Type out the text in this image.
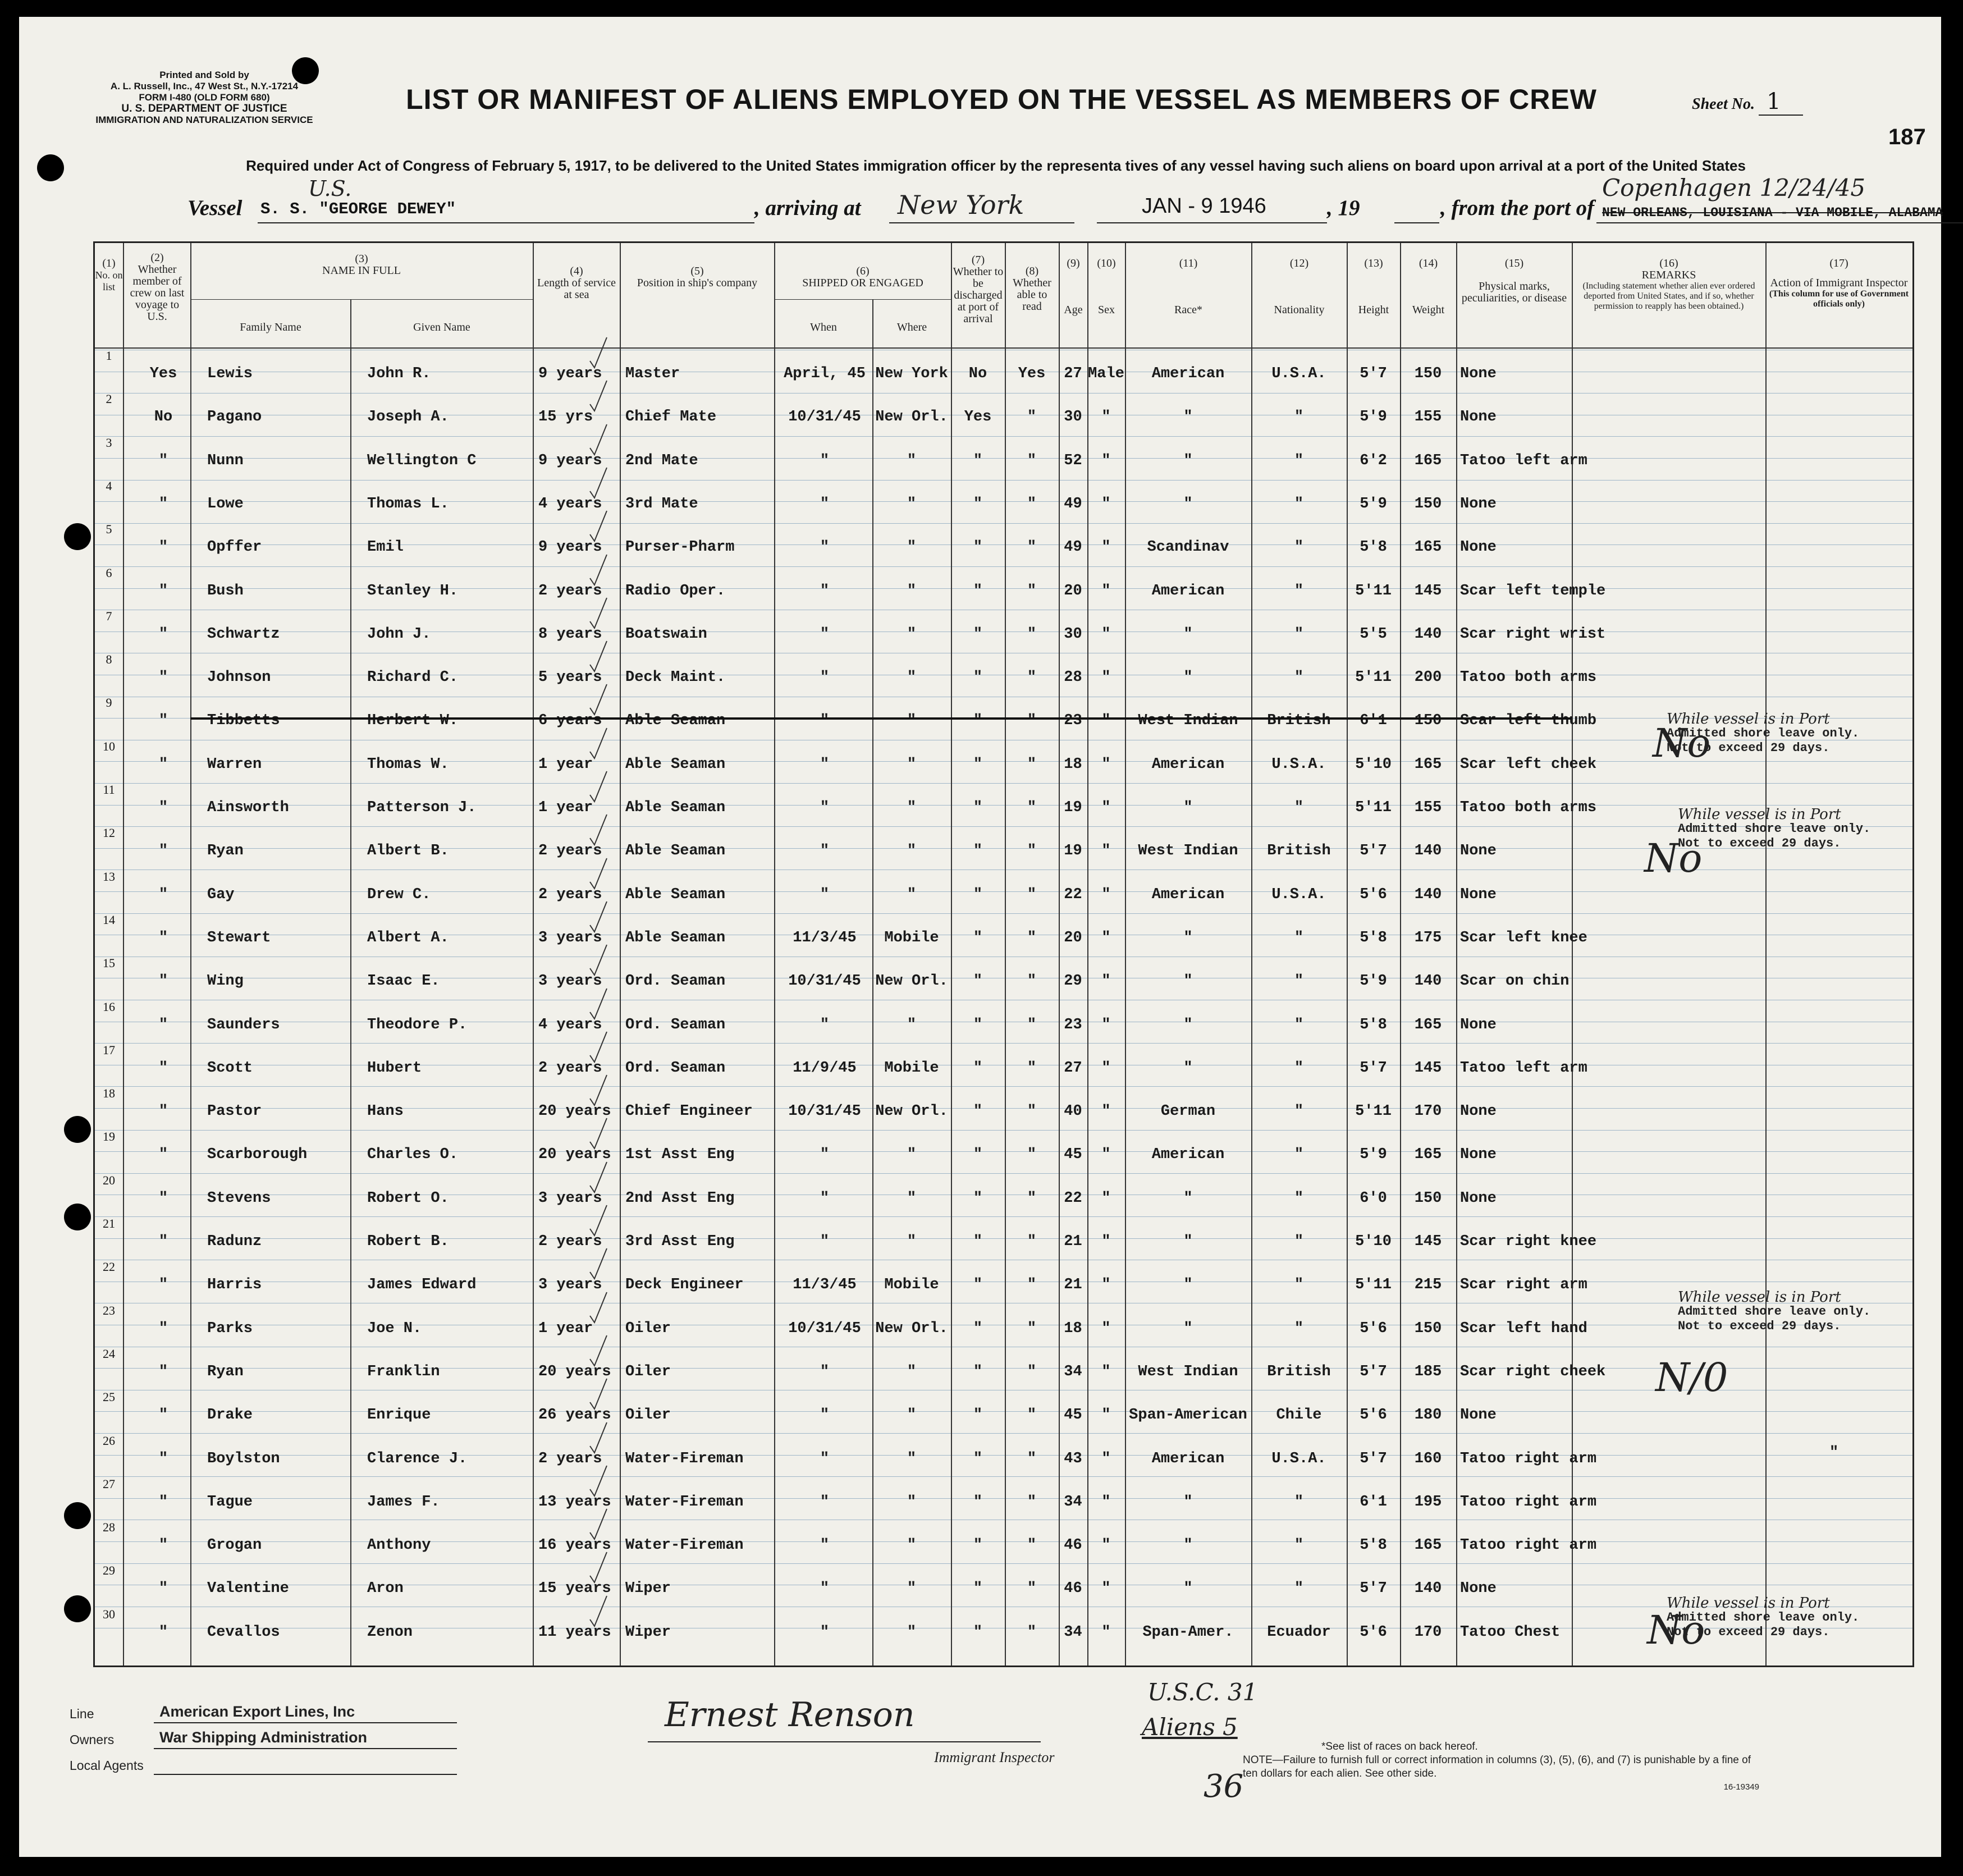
Printed and Sold by
A. L. Russell, Inc., 47 West St., N.Y.-17214
FORM I-480 (OLD FORM 680)
U. S. DEPARTMENT OF JUSTICE
IMMIGRATION AND NATURALIZATION SERVICE
LIST OR MANIFEST OF ALIENS EMPLOYED ON THE VESSEL AS MEMBERS OF CREW	Sheet No. 1
187
Required under Act of Congress of February 5, 1917, to be delivered to the United States immigration officer by the representa tives of any vessel having such aliens on board upon arrival at a port of the United States
Vessel
U.S.
S. S. "GEORGE DEWEY"	, arriving at New York	JAN - 9 1946	, 19	, from the port of
Copenhagen 12/24/45
NEW ORLEANS, LOUISIANA - VIA MOBILE, ALABAMA
(1)
No. on list
(2)
Whether member of crew on last voyage to U.S.
(3)
NAME IN FULL
Family Name	Given Name
(4)
Length of service at sea
(5)
Position in ship's company
(6)
SHIPPED OR ENGAGED
When	Where
(7)
Whether to be discharged at port of arrival
(8)
Whether able to read
(9)
Age
(10)
Sex
(11)
Race*
(12)
Nationality
(13)
Height
(14)
Weight
(15)
Physical marks, peculiarities, or disease
(16)
REMARKS
(Including statement whether alien ever ordered deported from United States, and if so, whether permission to reapply has been obtained.)
(17)
Action of Immigrant Inspector
(This column for use of Government officials only)
1
Yes	Lewis	John R.	9 years	Master	April, 45 New York	No	Yes	27 Male	American	U.S.A.	5'7	150	None
2
No	Pagano	Joseph A.	15 yrs	Chief Mate	10/31/45 New Orl.	Yes	"	30	"	"	"	5'9	155	None
3
"	Nunn	Wellington C	9 years	2nd Mate	"	"	"	"	52	"	"	"	6'2	165	Tatoo left arm
4
"	Lowe	Thomas L.	4 years	3rd Mate	"	"	"	"	49	"	"	"	5'9	150	None
5
"	Opffer	Emil	9 years	Purser-Pharm	"	"	"	"	49	"	Scandinav	"	5'8	165	None
6
"	Bush	Stanley H.	2 years	Radio Oper.	"	"	"	"	20	"	American	"	5'11	145	Scar left temple
7
"	Schwartz	John J.	8 years	Boatswain	"	"	"	"	30	"	"	"	5'5	140	Scar right wrist
8
"	Johnson	Richard C.	5 years	Deck Maint.	"	"	"	"	28	"	"	"	5'11	200	Tatoo both arms
9
"	Tibbetts	Herbert W.	6 years	Able Seaman	"	"	"	"	23	"	West Indian	British	6'1	150	Scar left thumb
10
"	Warren	Thomas W.	1 year	Able Seaman	"	"	"	"	18	"	American	U.S.A.	5'10	165	Scar left cheek
11
"	Ainsworth	Patterson J.	1 year	Able Seaman	"	"	"	"	19	"	"	"	5'11	155	Tatoo both arms
12
"	Ryan	Albert B.	2 years	Able Seaman	"	"	"	"	19	"	West Indian	British	5'7	140	None
13
"	Gay	Drew C.	2 years	Able Seaman	"	"	"	"	22	"	American	U.S.A.	5'6	140	None
14
"	Stewart	Albert A.	3 years	Able Seaman	11/3/45	Mobile	"	"	20	"	"	"	5'8	175	Scar left knee
15
"	Wing	Isaac E.	3 years	Ord. Seaman	10/31/45 New Orl.	"	"	29	"	"	"	5'9	140	Scar on chin
16
"	Saunders	Theodore P.	4 years	Ord. Seaman	"	"	"	"	23	"	"	"	5'8	165	None
17
"	Scott	Hubert	2 years	Ord. Seaman	11/9/45	Mobile	"	"	27	"	"	"	5'7	145	Tatoo left arm
18
"	Pastor	Hans	20 years Chief Engineer	10/31/45 New Orl.	"	"	40	"	German	"	5'11	170	None
19
"	Scarborough	Charles O.	20 years 1st Asst Eng	"	"	"	"	45	"	American	"	5'9	165	None
20
"	Stevens	Robert O.	3 years	2nd Asst Eng	"	"	"	"	22	"	"	"	6'0	150	None
21
"	Radunz	Robert B.	2 years	3rd Asst Eng	"	"	"	"	21	"	"	"	5'10	145	Scar right knee
22
"	Harris	James Edward	3 years	Deck Engineer	11/3/45	Mobile	"	"	21	"	"	"	5'11	215	Scar right arm
23
"	Parks	Joe N.	1 year	Oiler	10/31/45 New Orl.	"	"	18	"	"	"	5'6	150	Scar left hand
24
"	Ryan	Franklin	20 years Oiler	"	"	"	"	34	"	West Indian	British	5'7	185	Scar right cheek
25
"	Drake	Enrique	26 years Oiler	"	"	"	"	45	"	Span-American	Chile	5'6	180	None
26
"	Boylston	Clarence J.	2 years	Water-Fireman	"	"	"	"	43	"	American	U.S.A.	5'7	160	Tatoo right arm
27
"	Tague	James F.	13 years Water-Fireman	"	"	"	"	34	"	"	"	6'1	195	Tatoo right arm
28
"	Grogan	Anthony	16 years Water-Fireman	"	"	"	"	46	"	"	"	5'8	165	Tatoo right arm
29
"	Valentine	Aron	15 years Wiper	"	"	"	"	46	"	"	"	5'7	140	None
30
"	Cevallos	Zenon	11 years Wiper	"	"	"	"	34	"	Span-Amer.	Ecuador	5'6	170	Tatoo Chest
While vessel is in Port
Admitted shore leave only.
Not to exceed 29 days.
No
While vessel is in Port
Admitted shore leave only.
Not to exceed 29 days.
No
While vessel is in Port
Admitted shore leave only.
Not to exceed 29 days.
N/0
"
While vessel is in Port
Admitted shore leave only.
Not to exceed 29 days.
No
Line	American Export Lines, Inc
Owners	War Shipping Administration
Local Agents
Ernest Renson
Immigrant Inspector
U.S.C. 31
Aliens 5
36
*See list of races on back hereof.
NOTE—Failure to furnish full or correct information in columns (3), (5), (6), and (7) is punishable by a fine of ten dollars for each alien. See other side.
16-19349
